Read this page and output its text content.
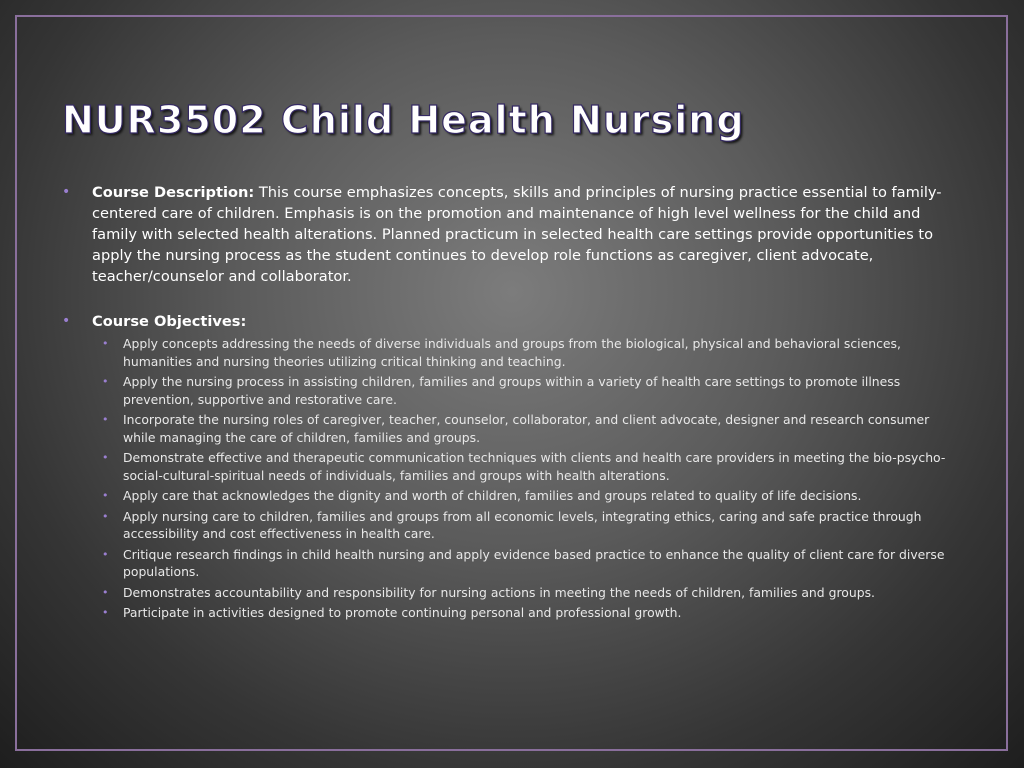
NUR3502 Child Health Nursing
•	Course Description: This course emphasizes concepts, skills and principles of nursing practice essential to family-centered care of children. Emphasis is on the promotion and maintenance of high level wellness for the child and family with selected health alterations. Planned practicum in selected health care settings provide opportunities to apply the nursing process as the student continues to develop role functions as caregiver, client advocate, teacher/counselor and collaborator.
•	Course Objectives:
•	Apply concepts addressing the needs of diverse individuals and groups from the biological, physical and behavioral sciences, humanities and nursing theories utilizing critical thinking and teaching.
•	Apply the nursing process in assisting children, families and groups within a variety of health care settings to promote illness prevention, supportive and restorative care.
•	Incorporate the nursing roles of caregiver, teacher, counselor, collaborator, and client advocate, designer and research consumer while managing the care of children, families and groups.
•	Demonstrate effective and therapeutic communication techniques with clients and health care providers in meeting the bio-psycho-social-cultural-spiritual needs of individuals, families and groups with health alterations.
•	Apply care that acknowledges the dignity and worth of children, families and groups related to quality of life decisions.
•	Apply nursing care to children, families and groups from all economic levels, integrating ethics, caring and safe practice through accessibility and cost effectiveness in health care.
•	Critique research findings in child health nursing and apply evidence based practice to enhance the quality of client care for diverse populations.
•	Demonstrates accountability and responsibility for nursing actions in meeting the needs of children, families and groups.
•	Participate in activities designed to promote continuing personal and professional growth.
